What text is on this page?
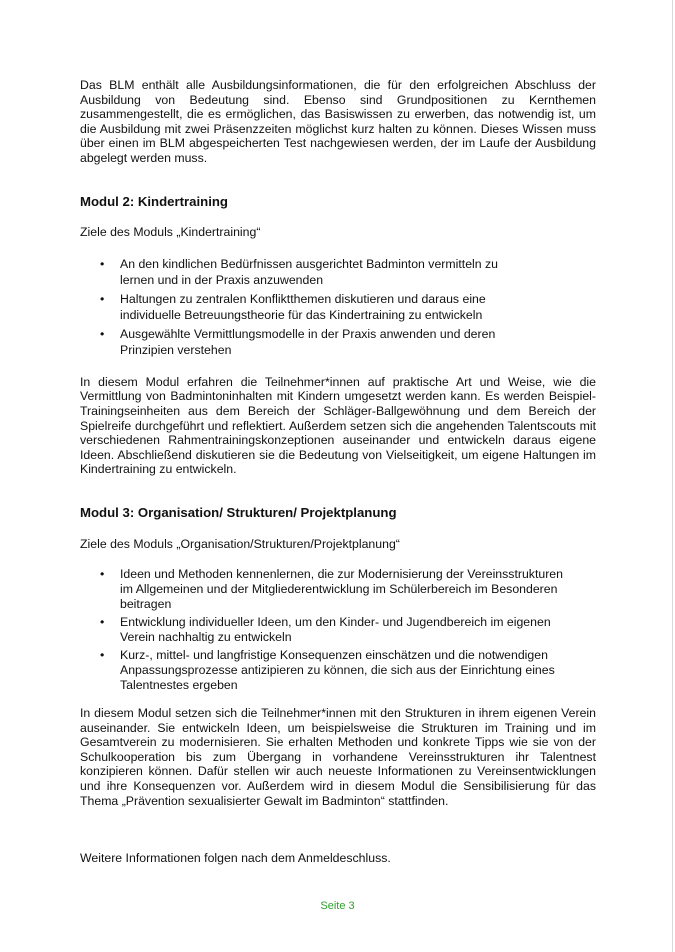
Das BLM enthält alle Ausbildungsinformationen, die für den erfolgreichen Abschluss der Ausbildung von Bedeutung sind. Ebenso sind Grundpositionen zu Kernthemen zusammengestellt, die es ermöglichen, das Basiswissen zu erwerben, das notwendig ist, um die Ausbildung mit zwei Präsenzzeiten möglichst kurz halten zu können. Dieses Wissen muss über einen im BLM abgespeicherten Test nachgewiesen werden, der im Laufe der Ausbildung abgelegt werden muss.

Modul 2: Kindertraining

Ziele des Moduls „Kindertraining“

• An den kindlichen Bedürfnissen ausgerichtet Badminton vermitteln zu lernen und in der Praxis anzuwenden
• Haltungen zu zentralen Konfliktthemen diskutieren und daraus eine individuelle Betreuungstheorie für das Kindertraining zu entwickeln
• Ausgewählte Vermittlungsmodelle in der Praxis anwenden und deren Prinzipien verstehen

In diesem Modul erfahren die Teilnehmer*innen auf praktische Art und Weise, wie die Vermittlung von Badmintoninhalten mit Kindern umgesetzt werden kann. Es werden Beispiel-Trainingseinheiten aus dem Bereich der Schläger-Ballgewöhnung und dem Bereich der Spielreife durchgeführt und reflektiert. Außerdem setzen sich die angehenden Talentscouts mit verschiedenen Rahmentrainingskonzeptionen auseinander und entwickeln daraus eigene Ideen. Abschließend diskutieren sie die Bedeutung von Vielseitigkeit, um eigene Haltungen im Kindertraining zu entwickeln.

Modul 3: Organisation/ Strukturen/ Projektplanung

Ziele des Moduls „Organisation/Strukturen/Projektplanung“

• Ideen und Methoden kennenlernen, die zur Modernisierung der Vereinsstrukturen im Allgemeinen und der Mitgliederentwicklung im Schülerbereich im Besonderen beitragen
• Entwicklung individueller Ideen, um den Kinder- und Jugendbereich im eigenen Verein nachhaltig zu entwickeln
• Kurz-, mittel- und langfristige Konsequenzen einschätzen und die notwendigen Anpassungsprozesse antizipieren zu können, die sich aus der Einrichtung eines Talentnestes ergeben

In diesem Modul setzen sich die Teilnehmer*innen mit den Strukturen in ihrem eigenen Verein auseinander. Sie entwickeln Ideen, um beispielsweise die Strukturen im Training und im Gesamtverein zu modernisieren. Sie erhalten Methoden und konkrete Tipps wie sie von der Schulkooperation bis zum Übergang in vorhandene Vereinsstrukturen ihr Talentnest konzipieren können. Dafür stellen wir auch neueste Informationen zu Vereinsentwicklungen und ihre Konsequenzen vor. Außerdem wird in diesem Modul die Sensibilisierung für das Thema „Prävention sexualisierter Gewalt im Badminton“ stattfinden.

Weitere Informationen folgen nach dem Anmeldeschluss.

Seite 3
